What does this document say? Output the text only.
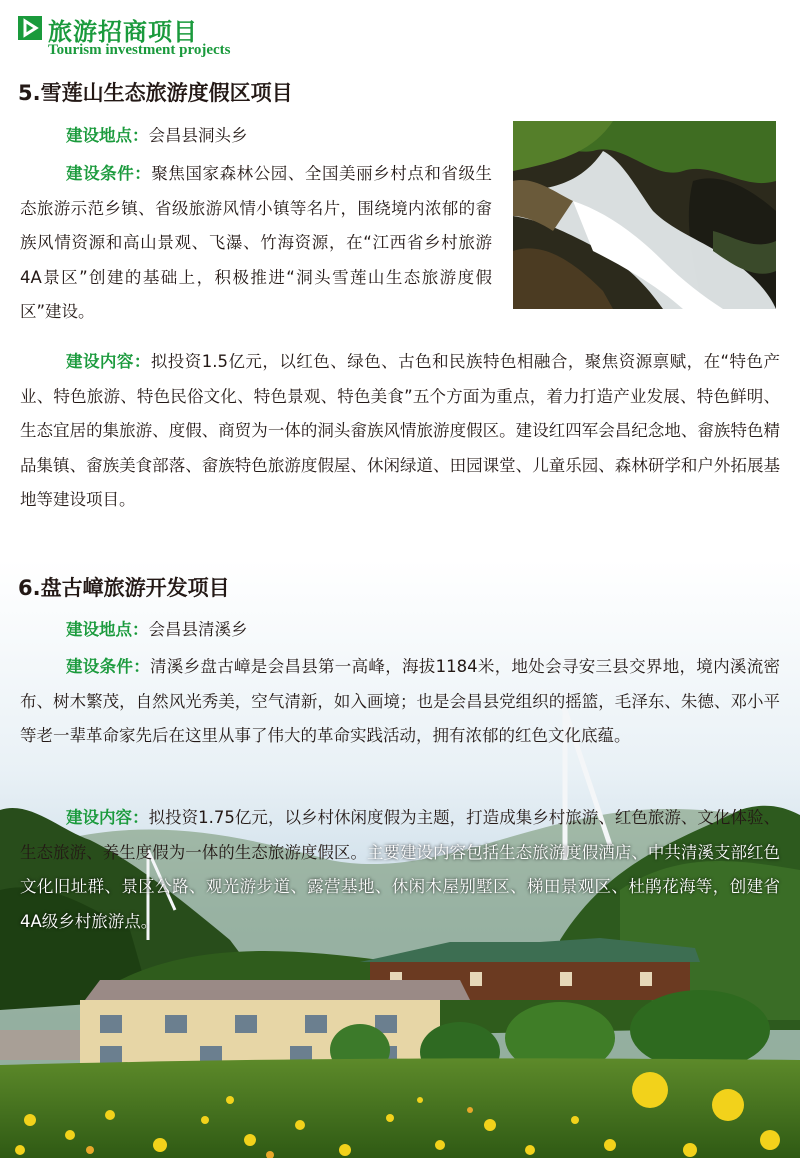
旅游招商项目
Tourism investment projects
5.雪莲山生态旅游度假区项目
建设地点：会昌县洞头乡
建设条件：聚焦国家森林公园、全国美丽乡村点和省级生态旅游示范乡镇、省级旅游风情小镇等名片，围绕境内浓郁的畲族风情资源和高山景观、飞瀑、竹海资源，在“江西省乡村旅游4A景区”创建的基础上，积极推进“洞头雪莲山生态旅游度假区”建设。
建设内容：拟投资1.5亿元，以红色、绿色、古色和民族特色相融合，聚焦资源禀赋，在“特色产业、特色旅游、特色民俗文化、特色景观、特色美食”五个方面为重点，着力打造产业发展、特色鲜明、生态宜居的集旅游、度假、商贸为一体的洞头畲族风情旅游度假区。建设红四军会昌纪念地、畲族特色精品集镇、畲族美食部落、畲族特色旅游度假屋、休闲绿道、田园课堂、儿童乐园、森林研学和户外拓展基地等建设项目。
6.盘古嶂旅游开发项目
建设地点：会昌县清溪乡
建设条件：清溪乡盘古嶂是会昌县第一高峰，海拔1184米，地处会寻安三县交界地，境内溪流密布、树木繁茂，自然风光秀美，空气清新，如入画境；也是会昌县党组织的摇篮，毛泽东、朱德、邓小平等老一辈革命家先后在这里从事了伟大的革命实践活动，拥有浓郁的红色文化底蕴。
建设内容：拟投资1.75亿元，以乡村休闲度假为主题，打造成集乡村旅游、红色旅游、文化体验、生态旅游、养生度假为一体的生态旅游度假区。主要建设内容包括生态旅游度假酒店、中共清溪支部红色文化旧址群、景区公路、观光游步道、露营基地、休闲木屋别墅区、梯田景观区、杜鹃花海等，创建省4A级乡村旅游点。
